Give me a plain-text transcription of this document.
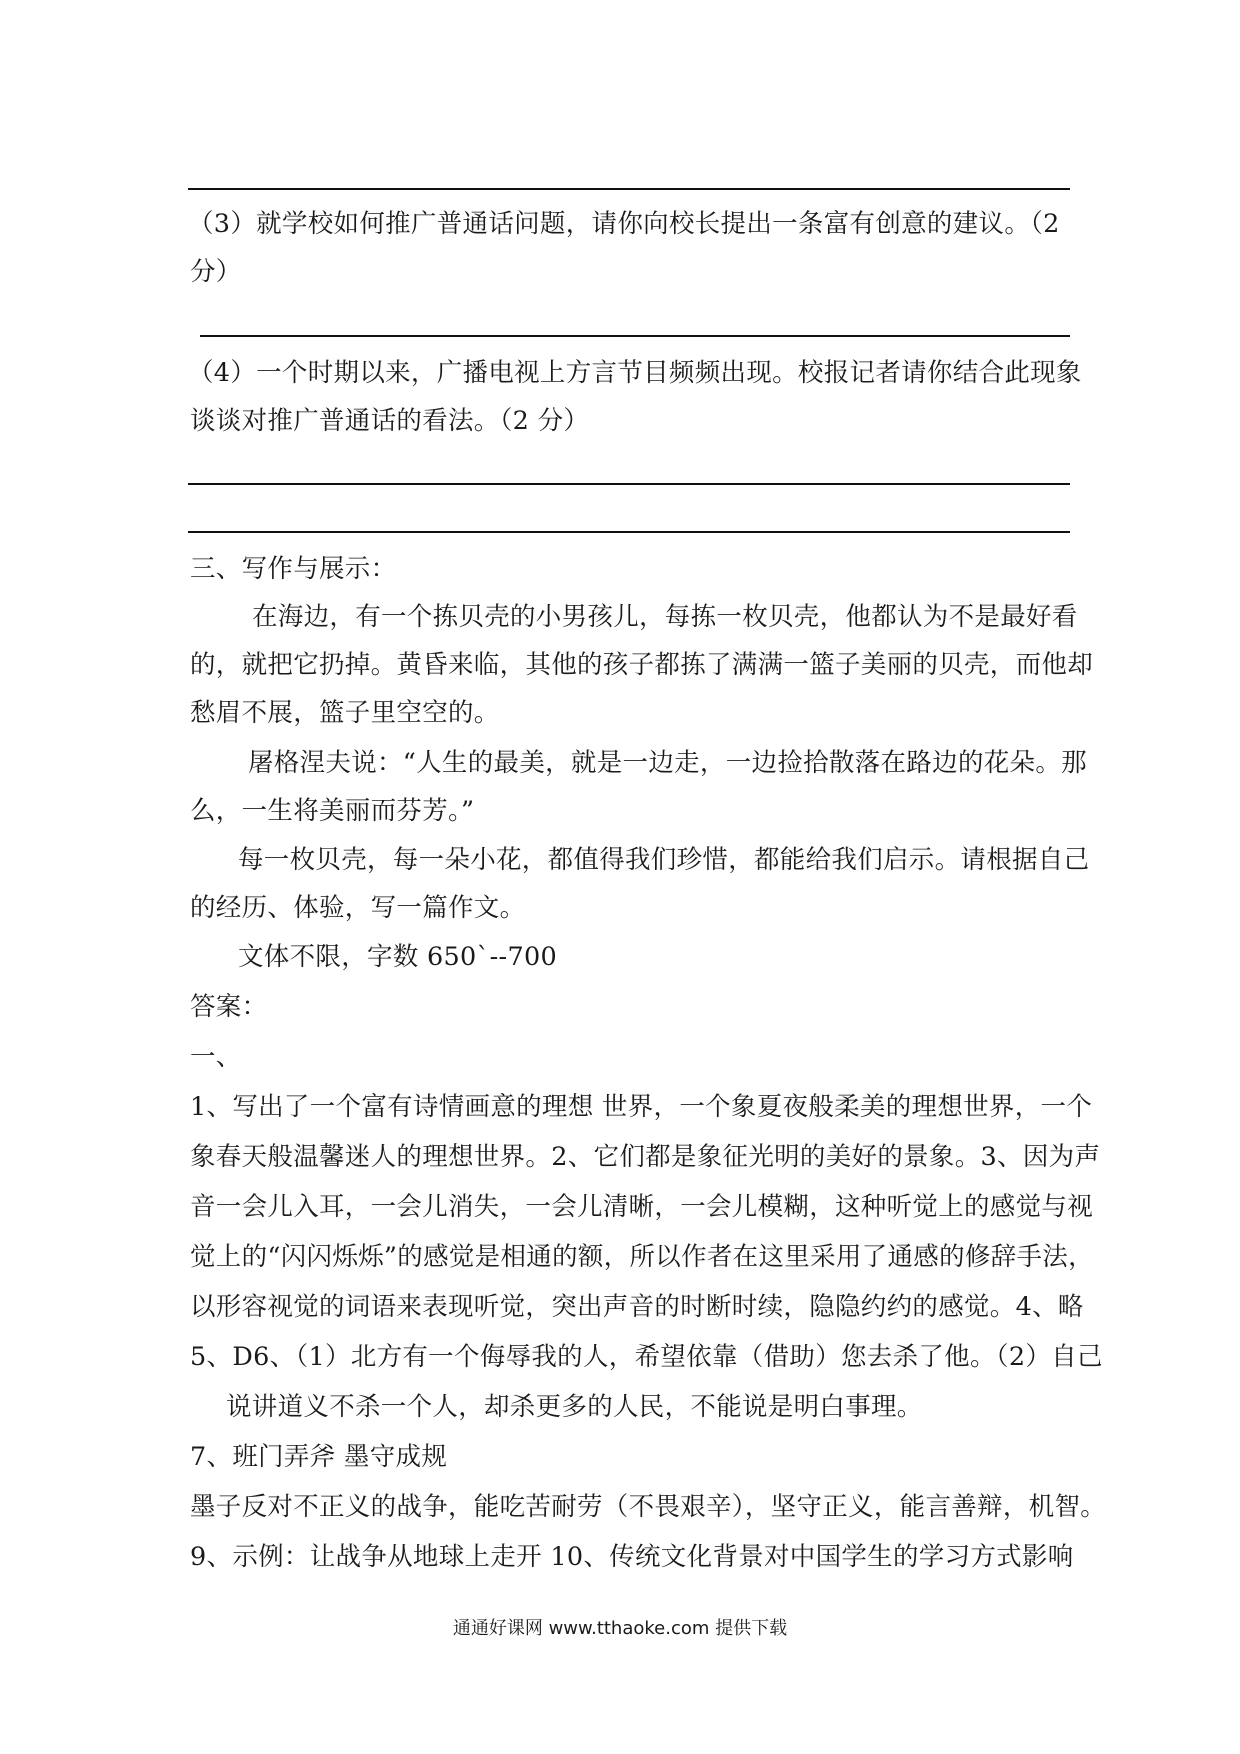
（3）就学校如何推广普通话问题，请你向校长提出一条富有创意的建议。（2
分）
（4）一个时期以来，广播电视上方言节目频频出现。校报记者请你结合此现象
谈谈对推广普通话的看法。（2 分）
三、写作与展示：
在海边，有一个拣贝壳的小男孩儿，每拣一枚贝壳，他都认为不是最好看
的，就把它扔掉。黄昏来临，其他的孩子都拣了满满一篮子美丽的贝壳，而他却
愁眉不展，篮子里空空的。
屠格涅夫说：“人生的最美，就是一边走，一边捡拾散落在路边的花朵。那
么，一生将美丽而芬芳。”
每一枚贝壳，每一朵小花，都值得我们珍惜，都能给我们启示。请根据自己
的经历、体验，写一篇作文。
文体不限，字数 650`--700
答案：
一、
1、写出了一个富有诗情画意的理想 世界，一个象夏夜般柔美的理想世界，一个
象春天般温馨迷人的理想世界。2、它们都是象征光明的美好的景象。3、因为声
音一会儿入耳，一会儿消失，一会儿清晰，一会儿模糊，这种听觉上的感觉与视
觉上的“闪闪烁烁”的感觉是相通的额，所以作者在这里采用了通感的修辞手法，
以形容视觉的词语来表现听觉，突出声音的时断时续，隐隐约约的感觉。4、略
5、D6、（1）北方有一个侮辱我的人，希望依靠（借助）您去杀了他。（2）自己
说讲道义不杀一个人，却杀更多的人民，不能说是明白事理。
7、班门弄斧 墨守成规
墨子反对不正义的战争，能吃苦耐劳（不畏艰辛），坚守正义，能言善辩，机智。
9、示例：让战争从地球上走开 10、传统文化背景对中国学生的学习方式影响
通通好课网 www.tthaoke.com 提供下载
